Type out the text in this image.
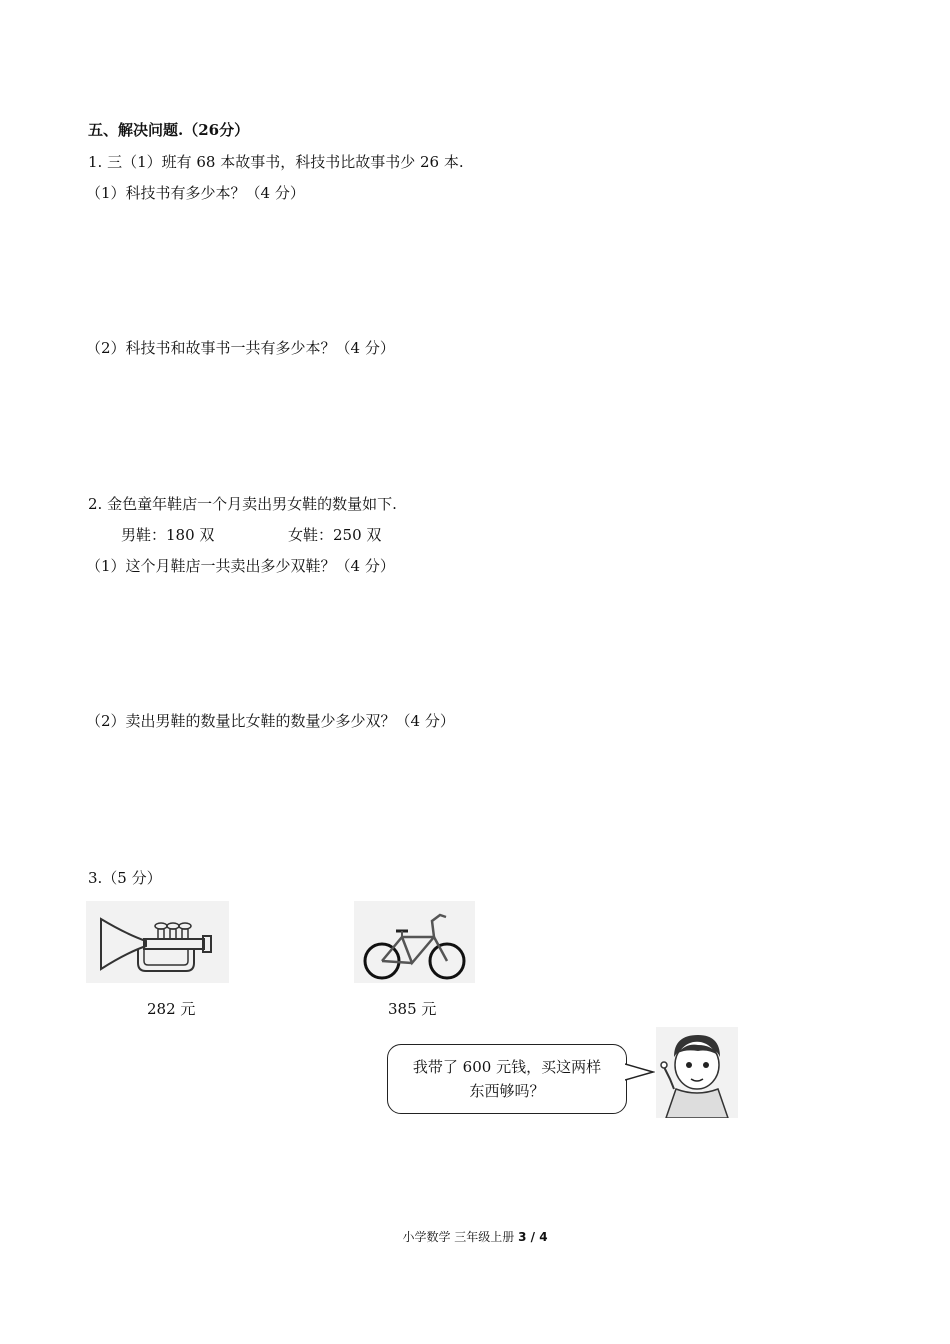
五、解决问题.（26分）
1. 三（1）班有 68 本故事书，科技书比故事书少 26 本.
（1）科技书有多少本？（4 分）
（2）科技书和故事书一共有多少本？（4 分）
2. 金色童年鞋店一个月卖出男女鞋的数量如下.
男鞋：180 双	女鞋：250 双
（1）这个月鞋店一共卖出多少双鞋？（4 分）
（2）卖出男鞋的数量比女鞋的数量少多少双？（4 分）
3.（5 分）
282 元	385 元
我带了 600 元钱，买这两样
东西够吗？
小学数学 三年级上册 3 / 4
